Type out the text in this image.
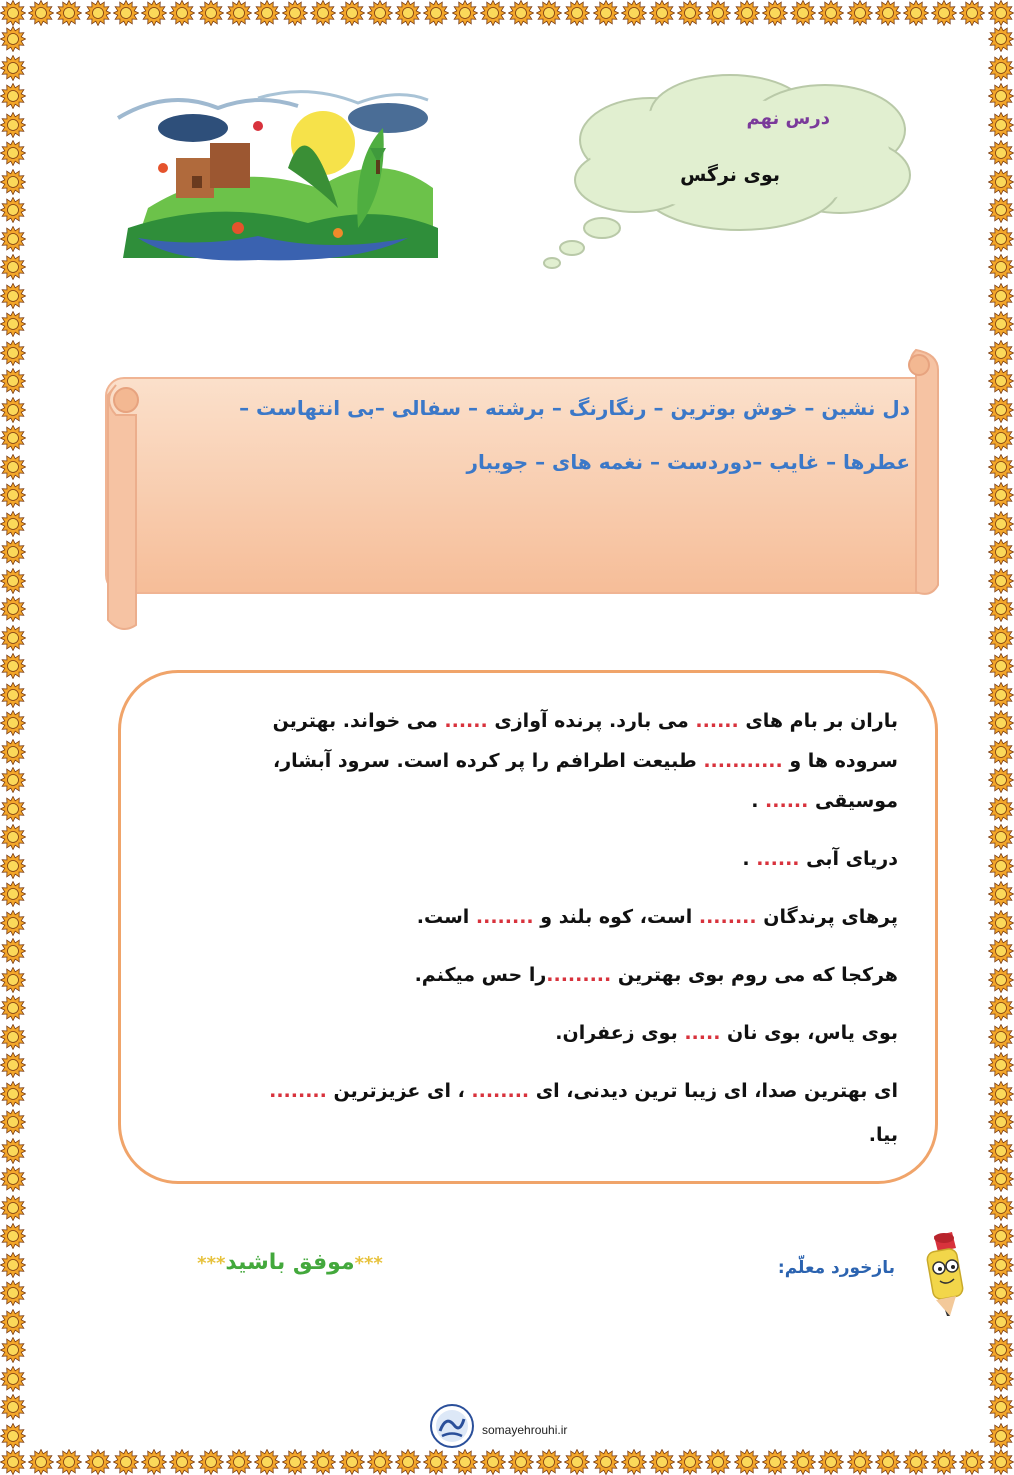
درس نهم
بوی نرگس
دل نشین – خوش بوترین – رنگارنگ – برشته – سفالی –بی انتهاست –
عطرها – غایب –دوردست – نغمه های – جویبار
باران بر بام های ...... می بارد. پرنده آوازی ...... می خواند. بهترین
سروده ها و ........... طبیعت اطرافم را پر کرده است. سرود آبشار،
موسیقی ...... .
دریای آبی ...... .
پرهای پرندگان ........ است، کوه بلند و ........ است.
هرکجا که می روم بوی بهترین .........را حس میکنم.
بوی یاس، بوی نان ..... بوی زعفران.
ای بهترین صدا، ای زیبا ترین دیدنی، ای ........ ، ای عزیزترین ........
بیا.
بازخورد معلّم:
***موفق باشید***
somayehrouhi.ir
